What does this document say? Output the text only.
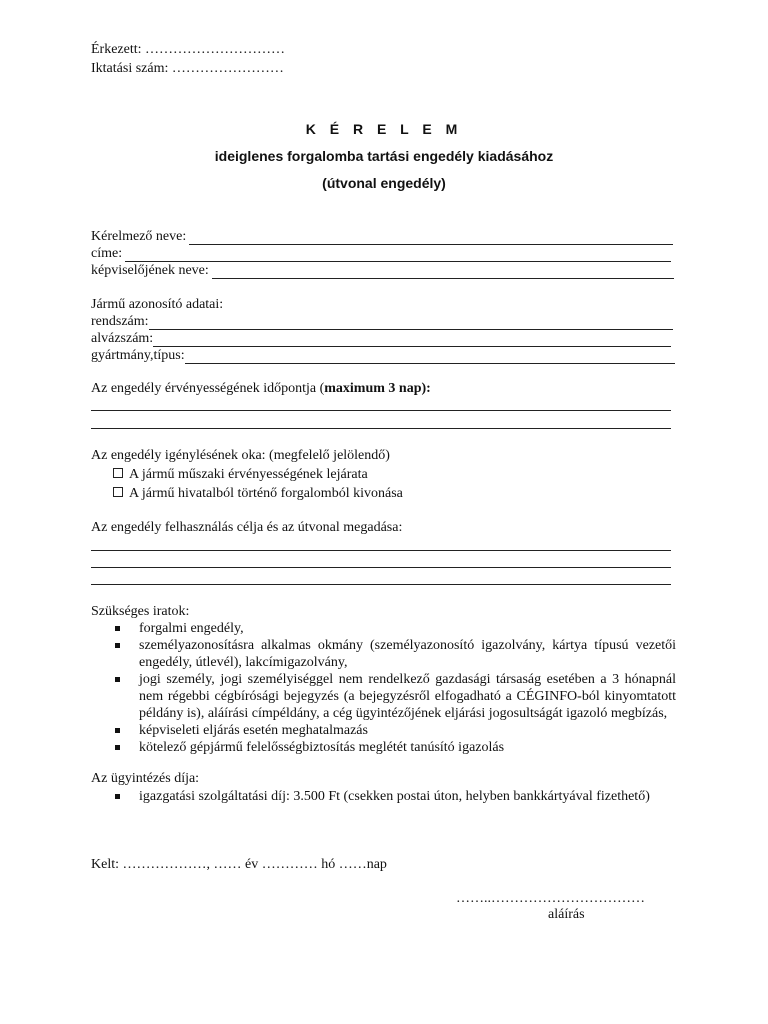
Érkezett: …………………………
Iktatási szám: ……………………
K É R E L E M
ideiglenes forgalomba tartási engedély kiadásához
(útvonal engedély)
Kérelmező neve:
címe:
képviselőjének neve:
Jármű azonosító adatai:
rendszám:
alvázszám:
gyártmány,típus:
Az engedély érvényességének időpontja (maximum 3 nap):
Az engedély igénylésének oka: (megfelelő jelölendő)
A jármű műszaki érvényességének lejárata
A jármű hivatalból történő forgalomból kivonása
Az engedély felhasználás célja és az útvonal megadása:
Szükséges iratok:
forgalmi engedély,
személyazonosításra alkalmas okmány (személyazonosító igazolvány, kártya típusú vezetői engedély, útlevél), lakcímigazolvány,
jogi személy, jogi személyiséggel nem rendelkező gazdasági társaság esetében a 3 hónapnál nem régebbi cégbírósági bejegyzés (a bejegyzésről elfogadható a CÉGINFO-ból kinyomtatott példány is), aláírási címpéldány, a cég ügyintézőjének eljárási jogosultságát igazoló megbízás,
képviseleti eljárás esetén meghatalmazás
kötelező gépjármű felelősségbiztosítás meglétét tanúsító igazolás
Az ügyintézés díja:
igazgatási szolgáltatási díj: 3.500 Ft (csekken postai úton, helyben bankkártyával fizethető)
Kelt: ………………, …… év ………… hó ……nap
……..……………………………
aláírás
